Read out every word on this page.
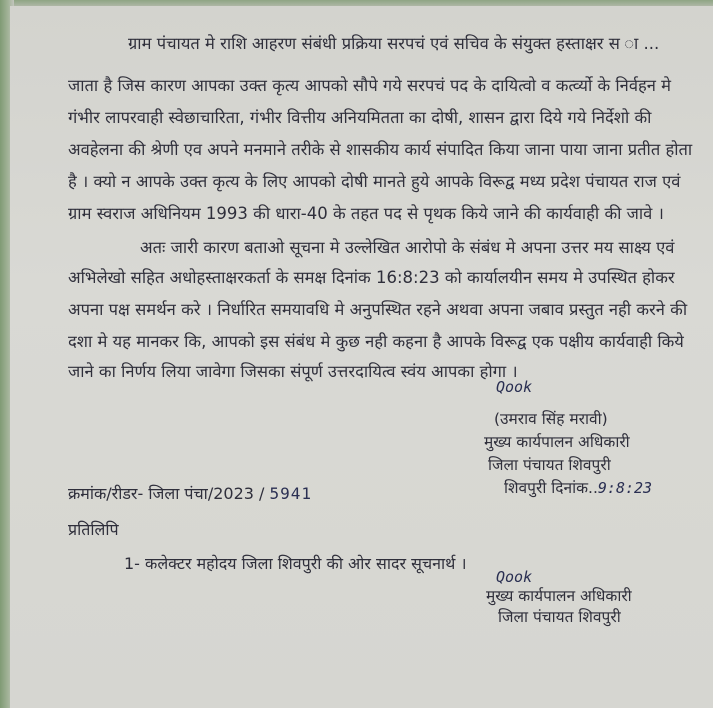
ग्राम पंचायत मे राशि आहरण संबंधी प्रक्रिया सरपचं एवं सचिव के संयुक्त हस्ताक्षर स ा ...
जाता है जिस कारण आपका उक्त कृत्य आपको सौपे गये सरपचं पद के दायित्वो व कर्त्व्यो के निर्वहन मे
गंभीर लापरवाही स्वेछाचारिता, गंभीर वित्तीय अनियमितता का दोषी, शासन द्वारा दिये गये निर्देशो की
अवहेलना की श्रेणी एव अपने मनमाने तरीके से शासकीय कार्य संपादित किया जाना पाया जाना प्रतीत होता
है । क्यो न आपके उक्त कृत्य के लिए आपको दोषी मानते हुये आपके विरूद्व मध्य प्रदेश पंचायत राज एवं
ग्राम स्वराज अधिनियम 1993 की धारा-40 के तहत पद से पृथक किये जाने की कार्यवाही की जावे ।
अतः जारी कारण बताओ सूचना मे उल्लेखित आरोपो के संबंध मे अपना उत्तर मय साक्ष्य एवं
अभिलेखो सहित अधोहस्ताक्षरकर्ता के समक्ष दिनांक 16:8:23 को कार्यालयीन समय मे उपस्थित होकर
अपना पक्ष समर्थन करे । निर्धारित समयावधि मे अनुपस्थित रहने अथवा अपना जबाव प्रस्तुत नही करने की
दशा मे यह मानकर कि, आपको इस संबंध मे कुछ नही कहना है आपके विरूद्व एक पक्षीय कार्यवाही किये
जाने का निर्णय लिया जावेगा जिसका संपूर्ण उत्तरदायित्व स्वंय आपका होगा ।
Qook
(उमराव सिंह मरावी)
मुख्य कार्यपालन अधिकारी
जिला पंचायत शिवपुरी
शिवपुरी दिनांक..9:8:23
क्रमांक/रीडर- जिला पंचा/2023 / 5941
प्रतिलिपि
1- कलेक्टर महोदय जिला शिवपुरी की ओर सादर सूचनार्थ ।
Qook
मुख्य कार्यपालन अधिकारी
जिला पंचायत शिवपुरी
